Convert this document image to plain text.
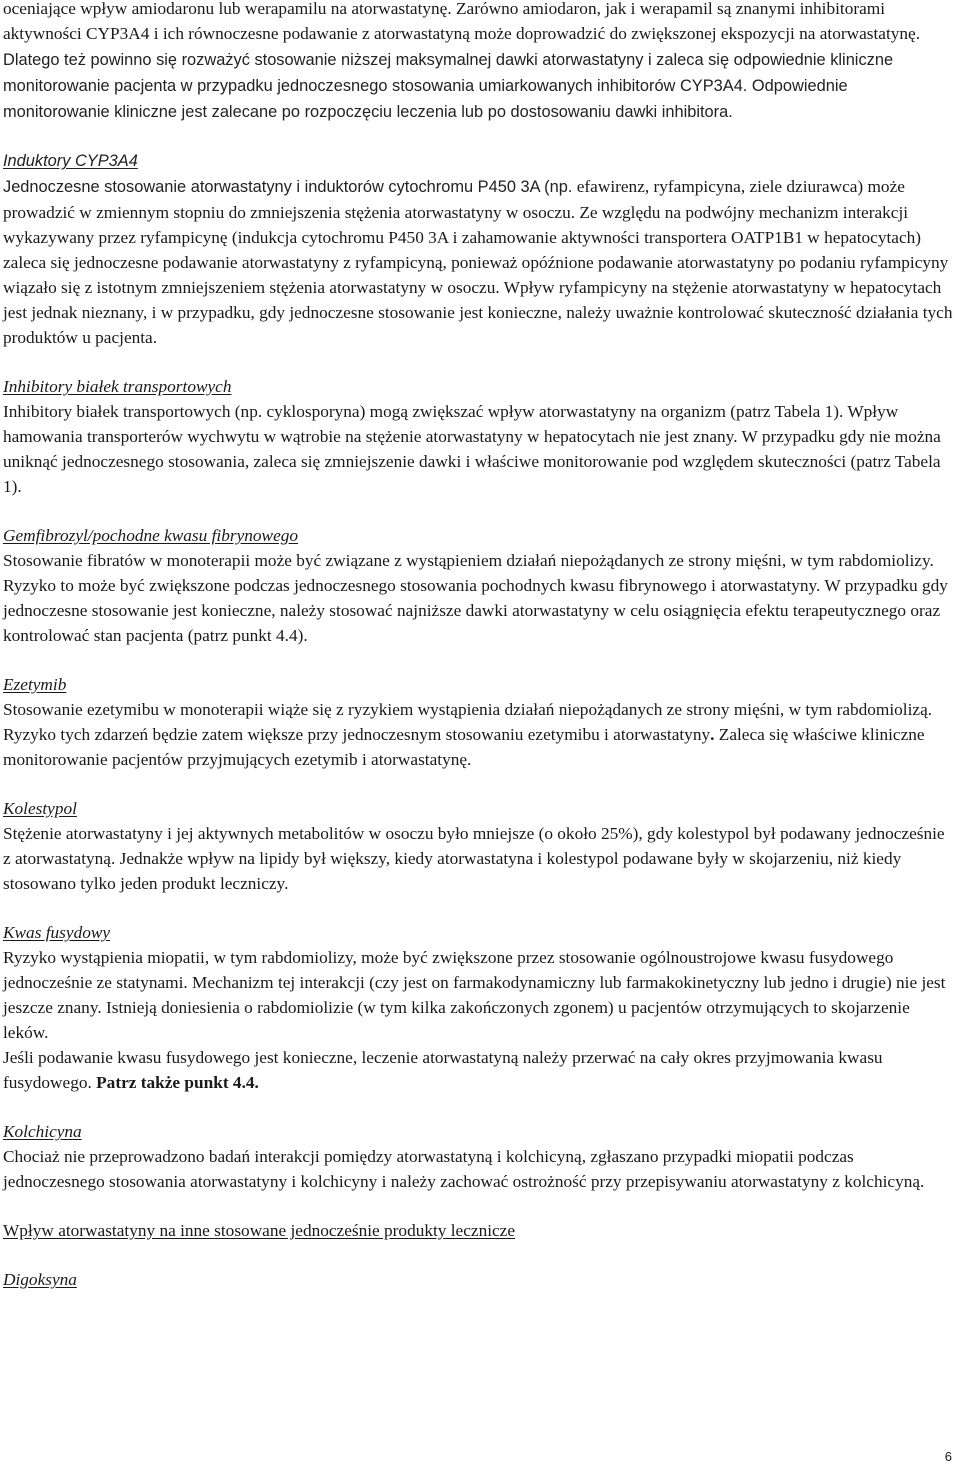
oceniające wpływ amiodaronu lub werapamilu na atorwastatynę. Zarówno amiodaron, jak i werapamil są znanymi inhibitorami aktywności CYP3A4 i ich równoczesne podawanie z atorwastatyną może doprowadzić do zwiększonej ekspozycji na atorwastatynę. Dlatego też powinno się rozważyć stosowanie niższej maksymalnej dawki atorwastatyny i zaleca się odpowiednie kliniczne monitorowanie pacjenta w przypadku jednoczesnego stosowania umiarkowanych inhibitorów CYP3A4. Odpowiednie monitorowanie kliniczne jest zalecane po rozpoczęciu leczenia lub po dostosowaniu dawki inhibitora.

Induktory CYP3A4

Jednoczesne stosowanie atorwastatyny i induktorów cytochromu P450 3A (np. efawirenz, ryfampicyna, ziele dziurawca) może prowadzić w zmiennym stopniu do zmniejszenia stężenia atorwastatyny w osoczu. Ze względu na podwójny mechanizm interakcji wykazywany przez ryfampicynę (indukcja cytochromu P450 3A i zahamowanie aktywności transportera OATP1B1 w hepatocytach) zaleca się jednoczesne podawanie atorwastatyny z ryfampicyną, ponieważ opóźnione podawanie atorwastatyny po podaniu ryfampicyny wiązało się z istotnym zmniejszeniem stężenia atorwastatyny w osoczu. Wpływ ryfampicyny na stężenie atorwastatyny w hepatocytach jest jednak nieznany, i w przypadku, gdy jednoczesne stosowanie jest konieczne, należy uważnie kontrolować skuteczność działania tych produktów u pacjenta.

Inhibitory białek transportowych

Inhibitory białek transportowych (np. cyklosporyna) mogą zwiększać wpływ atorwastatyny na organizm (patrz Tabela 1). Wpływ hamowania transporterów wychwytu w wątrobie na stężenie atorwastatyny w hepatocytach nie jest znany. W przypadku gdy nie można uniknąć jednoczesnego stosowania, zaleca się zmniejszenie dawki i właściwe monitorowanie pod względem skuteczności (patrz Tabela 1).

Gemfibrozyl/pochodne kwasu fibrynowego

Stosowanie fibratów w monoterapii może być związane z wystąpieniem działań niepożądanych ze strony mięśni, w tym rabdomiolizy. Ryzyko to może być zwiększone podczas jednoczesnego stosowania pochodnych kwasu fibrynowego i atorwastatyny. W przypadku gdy jednoczesne stosowanie jest konieczne, należy stosować najniższe dawki atorwastatyny w celu osiągnięcia efektu terapeutycznego oraz kontrolować stan pacjenta (patrz punkt 4.4).

Ezetymib

Stosowanie ezetymibu w monoterapii wiąże się z ryzykiem wystąpienia działań niepożądanych ze strony mięśni, w tym rabdomiolizą. Ryzyko tych zdarzeń będzie zatem większe przy jednoczesnym stosowaniu ezetymibu i atorwastatyny. Zaleca się właściwe kliniczne monitorowanie pacjentów przyjmujących ezetymib i atorwastatynę.

Kolestypol

Stężenie atorwastatyny i jej aktywnych metabolitów w osoczu było mniejsze (o około 25%), gdy kolestypol był podawany jednocześnie z atorwastatyną. Jednakże wpływ na lipidy był większy, kiedy atorwastatyna i kolestypol podawane były w skojarzeniu, niż kiedy stosowano tylko jeden produkt leczniczy.

Kwas fusydowy

Ryzyko wystąpienia miopatii, w tym rabdomiolizy, może być zwiększone przez stosowanie ogólnoustrojowe kwasu fusydowego jednocześnie ze statynami. Mechanizm tej interakcji (czy jest on farmakodynamiczny lub farmakokinetyczny lub jedno i drugie) nie jest jeszcze znany. Istnieją doniesienia o rabdomiolizie (w tym kilka zakończonych zgonem) u pacjentów otrzymujących to skojarzenie leków.

Jeśli podawanie kwasu fusydowego jest konieczne, leczenie atorwastatyną należy przerwać na cały okres przyjmowania kwasu fusydowego. Patrz także punkt 4.4.

Kolchicyna

Chociaż nie przeprowadzono badań interakcji pomiędzy atorwastatyną i kolchicyną, zgłaszano przypadki miopatii podczas jednoczesnego stosowania atorwastatyny i kolchicyny i należy zachować ostrożność przy przepisywaniu atorwastatyny z kolchicyną.

Wpływ atorwastatyny na inne stosowane jednocześnie produkty lecznicze
Digoksyna
6
